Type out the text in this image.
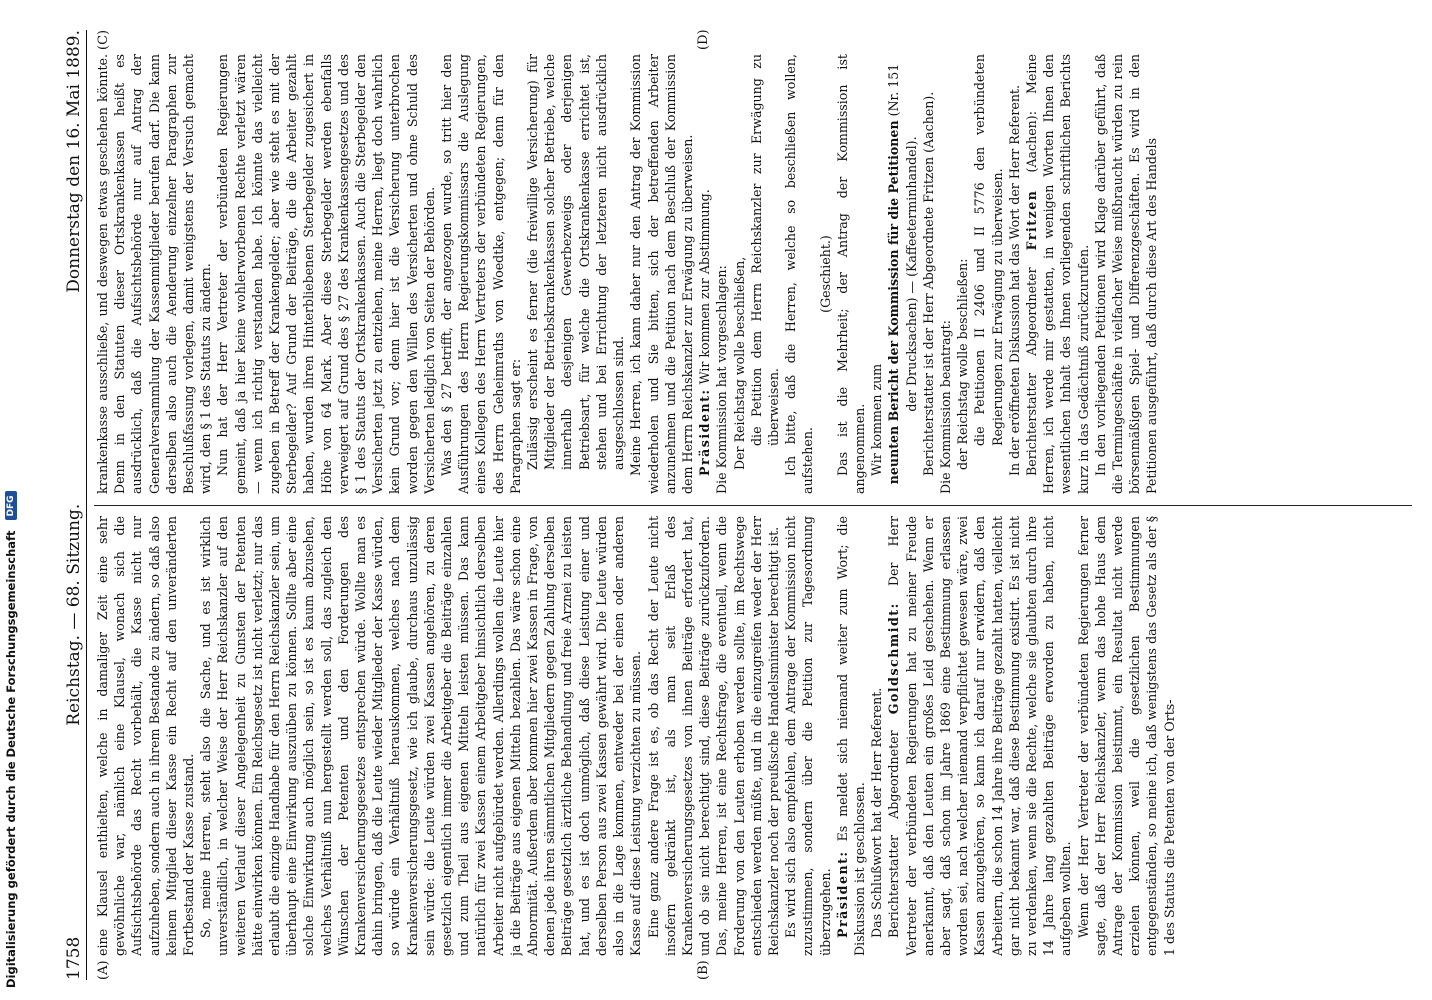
Digitalisierung gefördert durch die Deutsche Forschungsgemeinschaft
DFG
1758
Reichstag. — 68. Sitzung.
Donnerstag den 16. Mai 1889.
(A)	(B)
(C)	(D)

eine Klausel enthielten, welche in damaliger Zeit eine sehr gewöhnliche war, nämlich eine Klausel, wonach sich die Aufsichtsbehörde das Recht vorbehält, die Kasse nicht nur aufzuheben, sondern auch in ihrem Bestande zu ändern, so daß also keinem Mitglied dieser Kasse ein Recht auf den unveränderten Fortbestand der Kasse zustand. So, meine Herren, steht also die Sache, und es ist wirklich unverständlich, in welcher Weise der Herr Reichskanzler auf den weiteren Verlauf dieser Angelegenheit zu Gunsten der Petenten hätte einwirken können. Ein Reichsgesetz ist nicht verletzt; nur das erlaubt die einzige Handhabe für den Herrn Reichskanzler sein, um überhaupt eine Einwirkung auszuüben zu können. Sollte aber eine solche Einwirkung auch möglich sein, so ist es kaum abzusehen, welches Verhältniß nun hergestellt werden soll, das zugleich den Wünschen der Petenten und den Forderungen des Krankenversicherungsgesetzes entsprechen würde. Wollte man es dahin bringen, daß die Leute wieder Mitglieder der Kasse würden, so würde ein Verhältniß herauskommen, welches nach dem Krankenversicherungsgesetz, wie ich glaube, durchaus unzulässig sein würde: die Leute würden zwei Kassen angehören, zu deren gesetzlich eigentlich immer die Arbeitgeber die Beiträge einzahlen und zum Theil aus eigenen Mitteln leisten müssen. Das kann natürlich für zwei Kassen einem Arbeitgeber hinsichtlich derselben Arbeiter nicht aufgebürdet werden. Allerdings wollen die Leute hier ja die Beiträge aus eigenen Mitteln bezahlen. Das wäre schon eine Abnormität. Außerdem aber kommen hier zwei Kassen in Frage, von denen jede ihren sämmtlichen Mitgliedern gegen Zahlung derselben Beiträge gesetzlich ärztliche Behandlung und freie Arznei zu leisten hat, und es ist doch unmöglich, daß diese Leistung einer und derselben Person aus zwei Kassen gewährt wird. Die Leute würden also in die Lage kommen, entweder bei der einen oder anderen Kasse auf diese Leistung verzichten zu müssen. Eine ganz andere Frage ist es, ob das Recht der Leute nicht insofern gekränkt ist, als man seit Erlaß des Krankenversicherungsgesetzes von ihnen Beiträge erfordert hat, und ob sie nicht berechtigt sind, diese Beiträge zurückzufordern. Das, meine Herren, ist eine Rechtsfrage, die eventuell, wenn die Forderung von den Leuten erhoben werden sollte, im Rechtswege entschieden werden müßte, und in die einzugreifen weder der Herr Reichskanzler noch der preußische Handelsminister berechtigt ist. Es wird sich also empfehlen, dem Antrage der Kommission nicht zuzustimmen, sondern über die Petition zur Tagesordnung überzugehen. Präsident: Es meldet sich niemand weiter zum Wort; die Diskussion ist geschlossen. Das Schlußwort hat der Herr Referent. Berichterstatter Abgeordneter Goldschmidt: Der Herr Vertreter der verbündeten Regierungen hat zu meiner Freude anerkannt, daß den Leuten ein großes Leid geschehen. Wenn er aber sagt, daß schon im Jahre 1869 eine Bestimmung erlassen worden sei, nach welcher niemand verpflichtet gewesen wäre, zwei Kassen anzugehören, so kann ich darauf nur erwidern, daß den Arbeitern, die schon 14 Jahre ihre Beiträge gezahlt hatten, vielleicht gar nicht bekannt war, daß diese Bestimmung existirt. Es ist nicht zu verdenken, wenn sie die Rechte, welche sie glaubten durch ihre 14 Jahre lang gezahlten Beiträge erworden zu haben, nicht aufgeben wollten. Wenn der Herr Vertreter der verbündeten Regierungen ferner sagte, daß der Herr Reichskanzler, wenn das hohe Haus dem Antrage der Kommission beistimmt, ein Resultat nicht werde erzielen können, weil die gesetzlichen Bestimmungen entgegenständen, so meine ich, daß wenigstens das Gesetz als der § 1 des Statuts die Petenten von der Orts-

krankenkasse ausschließe, und deswegen etwas geschehen könnte. Denn in den Statuten dieser Ortskrankenkassen heißt es ausdrücklich, daß die Aufsichtsbehörde nur auf Antrag der Generalversammlung der Kassenmitglieder berufen darf. Die kann derselben also auch die Aenderung einzelner Paragraphen zur Beschlußfassung vorlegen, damit wenigstens der Versuch gemacht wird, den § 1 des Statuts zu ändern. Nun hat der Herr Vertreter der verbündeten Regierungen gemeint, daß ja hier keine wohlerworbenen Rechte verletzt wären — wenn ich richtig verstanden habe. Ich könnte das vielleicht zugeben in Betreff der Krankengelder; aber wie steht es mit der Sterbegelder? Auf Grund der Beiträge, die die Arbeiter gezahlt haben, wurden ihren Hinterbliebenen Sterbegelder zugesichert in Höhe von 64 Mark. Aber diese Sterbegelder werden ebenfalls verweigert auf Grund des § 27 des Krankenkassengesetzes und des § 1 des Statuts der Ortskrankenkassen. Auch die Sterbegelder den Versicherten jetzt zu entziehen, meine Herren, liegt doch wahrlich kein Grund vor; denn hier ist die Versicherung unterbrochen worden gegen den Willen des Versicherten und ohne Schuld des Versicherten lediglich von Seiten der Behörden. Was den § 27 betrifft, der angezogen wurde, so tritt hier den Ausführungen des Herrn Regierungskommissars die Auslegung eines Kollegen des Herrn Vertreters der verbündeten Regierungen, des Herrn Geheimraths von Woedtke, entgegen; denn für den Paragraphen sagt er: Zulässig erscheint es ferner (die freiwillige Versicherung) für Mitglieder der Betriebskrankenkassen solcher Betriebe, welche innerhalb desjenigen Gewerbezweigs oder derjenigen Betriebsart, für welche die Ortskrankenkasse errichtet ist, stehen und bei Errichtung der letzteren nicht ausdrücklich ausgeschlossen sind. Meine Herren, ich kann daher nur den Antrag der Kommission wiederholen und Sie bitten, sich der betreffenden Arbeiter anzunehmen und die Petition nach dem Beschluß der Kommission dem Herrn Reichskanzler zur Erwägung zu überweisen. Präsident: Wir kommen zur Abstimmung. Die Kommission hat vorgeschlagen: Der Reichstag wolle beschließen, die Petition dem Herrn Reichskanzler zur Erwägung zu überweisen. Ich bitte, daß die Herren, welche so beschließen wollen, aufstehen.

(Geschieht.) Das ist die Mehrheit; der Antrag der Kommission ist angenommen. Wir kommen zum neunten Bericht der Kommission für die Petitionen (Nr. 151 der Drucksachen) — (Kaffeeterminhandel). Berichterstatter ist der Herr Abgeordnete Fritzen (Aachen). Die Kommission beantragt: der Reichstag wolle beschließen: die Petitionen II 2406 und II 5776 den verbündeten Regierungen zur Erwägung zu überweisen. In der eröffneten Diskussion hat das Wort der Herr Referent. Berichterstatter Abgeordneter Fritzen (Aachen): Meine Herren, ich werde mir gestatten, in wenigen Worten Ihnen den wesentlichen Inhalt des Ihnen vorliegenden schriftlichen Berichts kurz in das Gedächtniß zurückzurufen. In den vorliegenden Petitionen wird Klage darüber geführt, daß die Termingeschäfte in vielfacher Weise mißbraucht würden zu rein börsenmäßigen Spiel- und Differenzgeschäften. Es wird in den Petitionen ausgeführt, daß durch diese Art des Handels
